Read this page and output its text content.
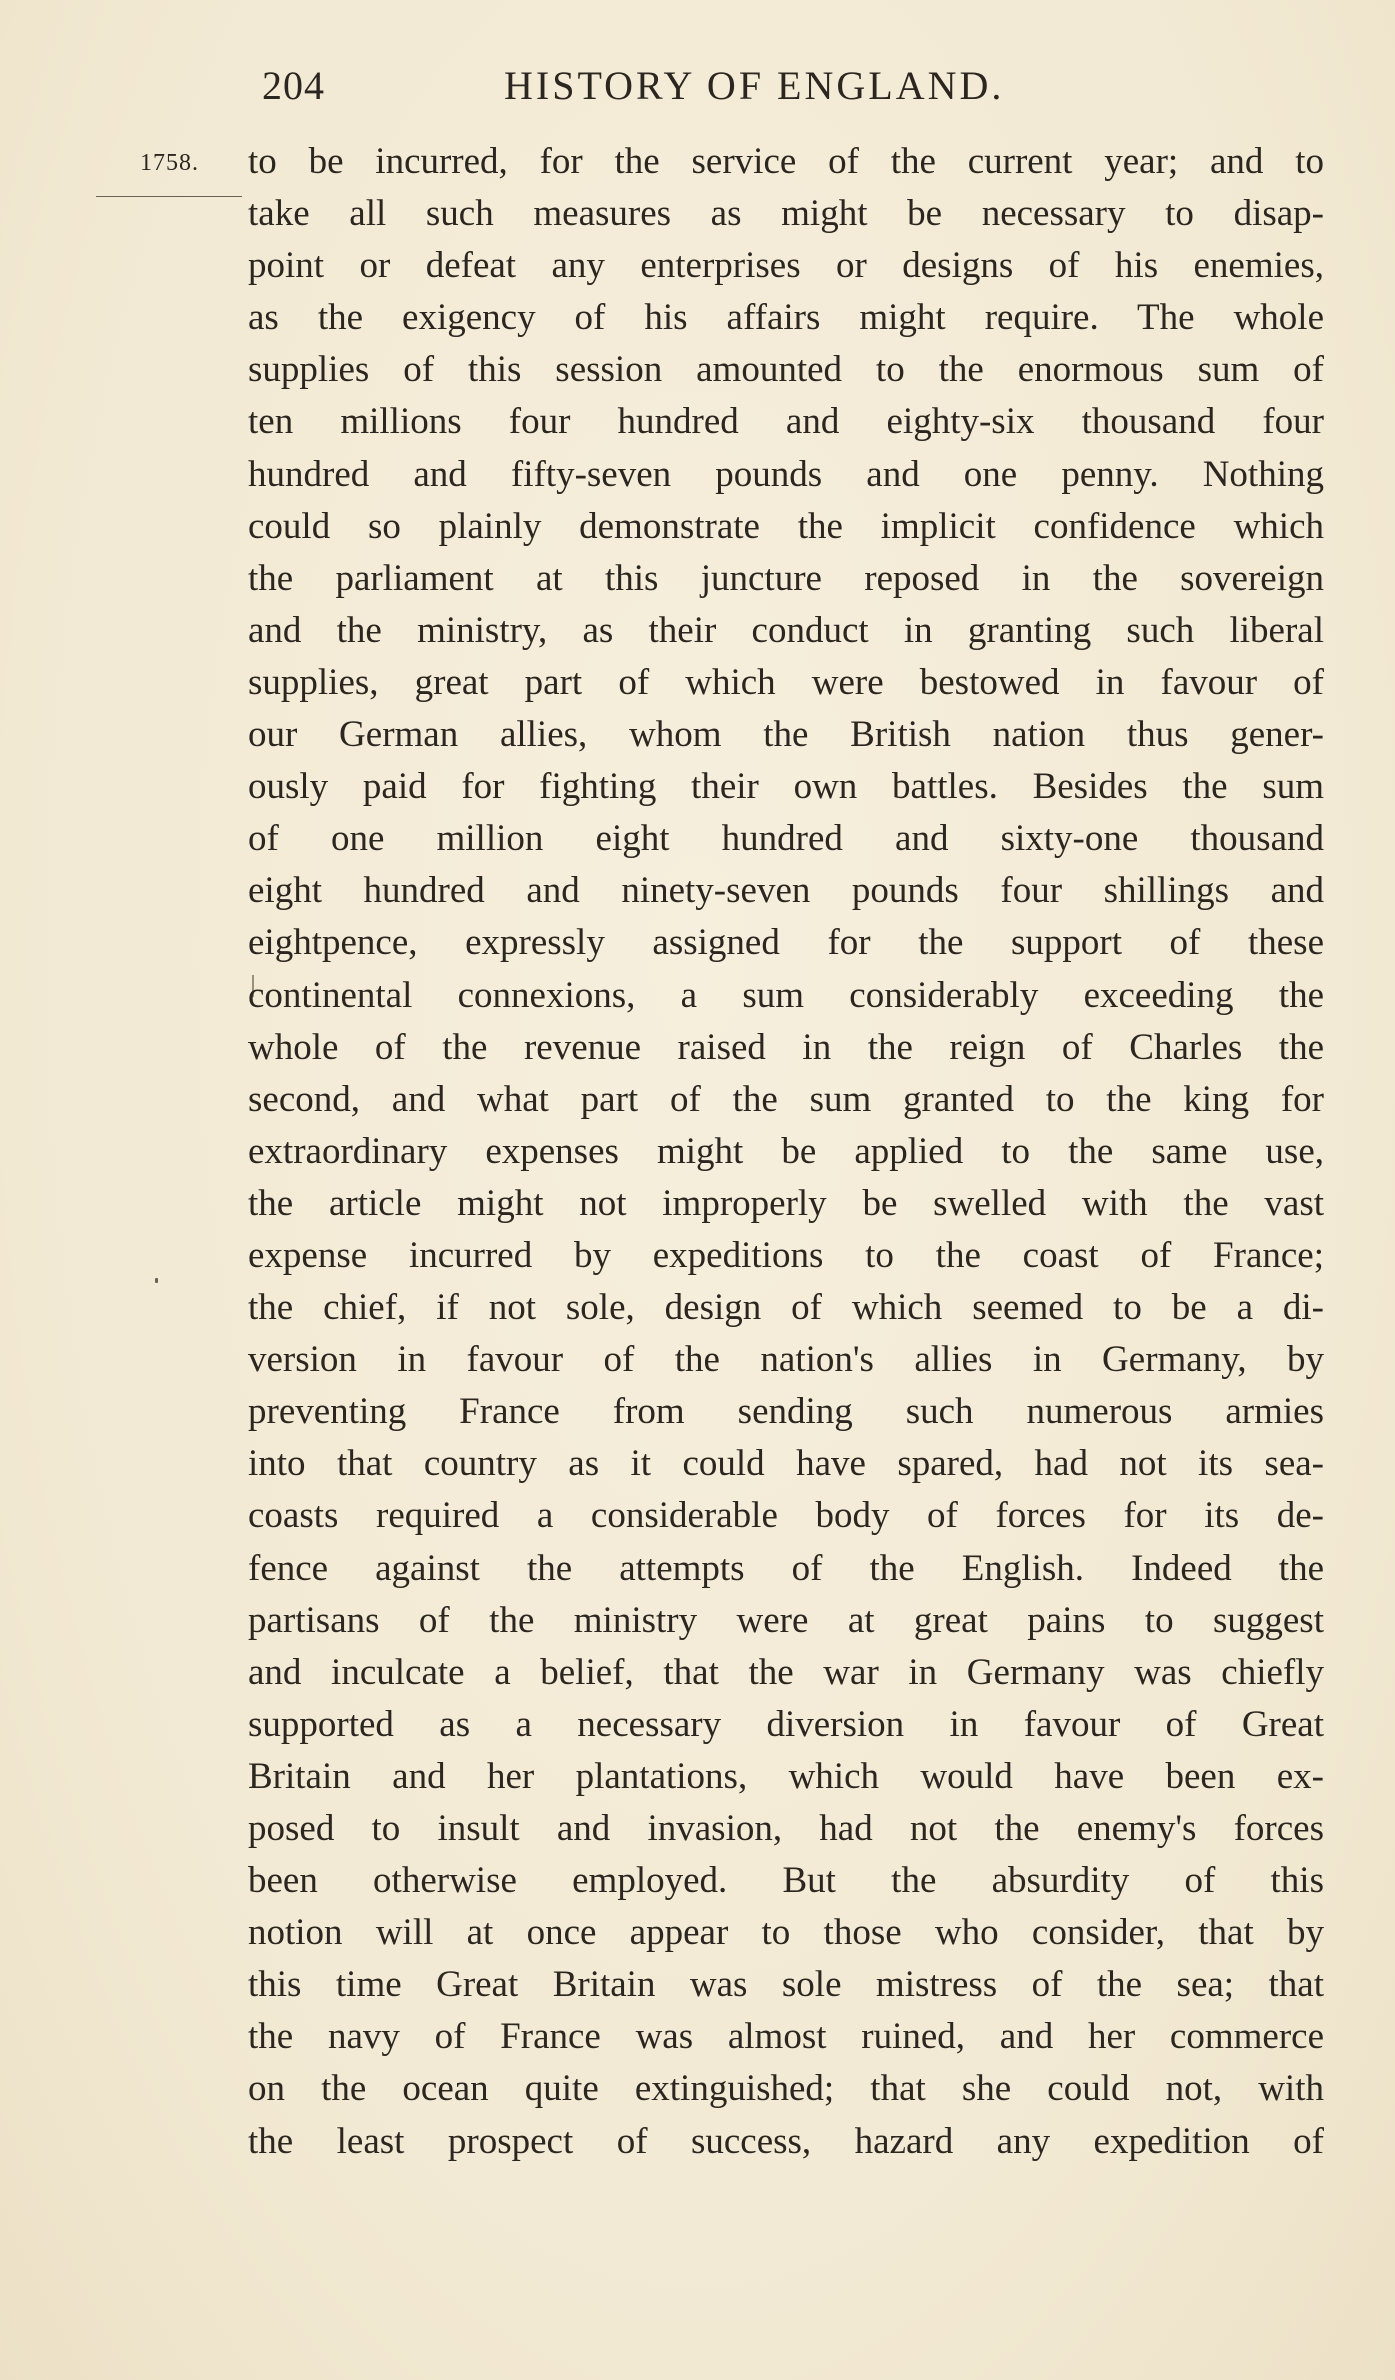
204	HISTORY OF ENGLAND.
1758. to be incurred, for the service of the current year; and to
take all such measures as might be necessary to disap-
point or defeat any enterprises or designs of his enemies,
as the exigency of his affairs might require. The whole
supplies of this session amounted to the enormous sum of
ten millions four hundred and eighty-six thousand four
hundred and fifty-seven pounds and one penny. Nothing
could so plainly demonstrate the implicit confidence which
the parliament at this juncture reposed in the sovereign
and the ministry, as their conduct in granting such liberal
supplies, great part of which were bestowed in favour of
our German allies, whom the British nation thus gener-
ously paid for fighting their own battles. Besides the sum
of one million eight hundred and sixty-one thousand
eight hundred and ninety-seven pounds four shillings and
eightpence, expressly assigned for the support of these
continental connexions, a sum considerably exceeding the
whole of the revenue raised in the reign of Charles the
second, and what part of the sum granted to the king for
extraordinary expenses might be applied to the same use,
the article might not improperly be swelled with the vast
expense incurred by expeditions to the coast of France;
the chief, if not sole, design of which seemed to be a di-
version in favour of the nation's allies in Germany, by
preventing France from sending such numerous armies
into that country as it could have spared, had not its sea-
coasts required a considerable body of forces for its de-
fence against the attempts of the English. Indeed the
partisans of the ministry were at great pains to suggest
and inculcate a belief, that the war in Germany was chiefly
supported as a necessary diversion in favour of Great
Britain and her plantations, which would have been ex-
posed to insult and invasion, had not the enemy's forces
been otherwise employed. But the absurdity of this
notion will at once appear to those who consider, that by
this time Great Britain was sole mistress of the sea; that
the navy of France was almost ruined, and her commerce
on the ocean quite extinguished; that she could not, with
the least prospect of success, hazard any expedition of
